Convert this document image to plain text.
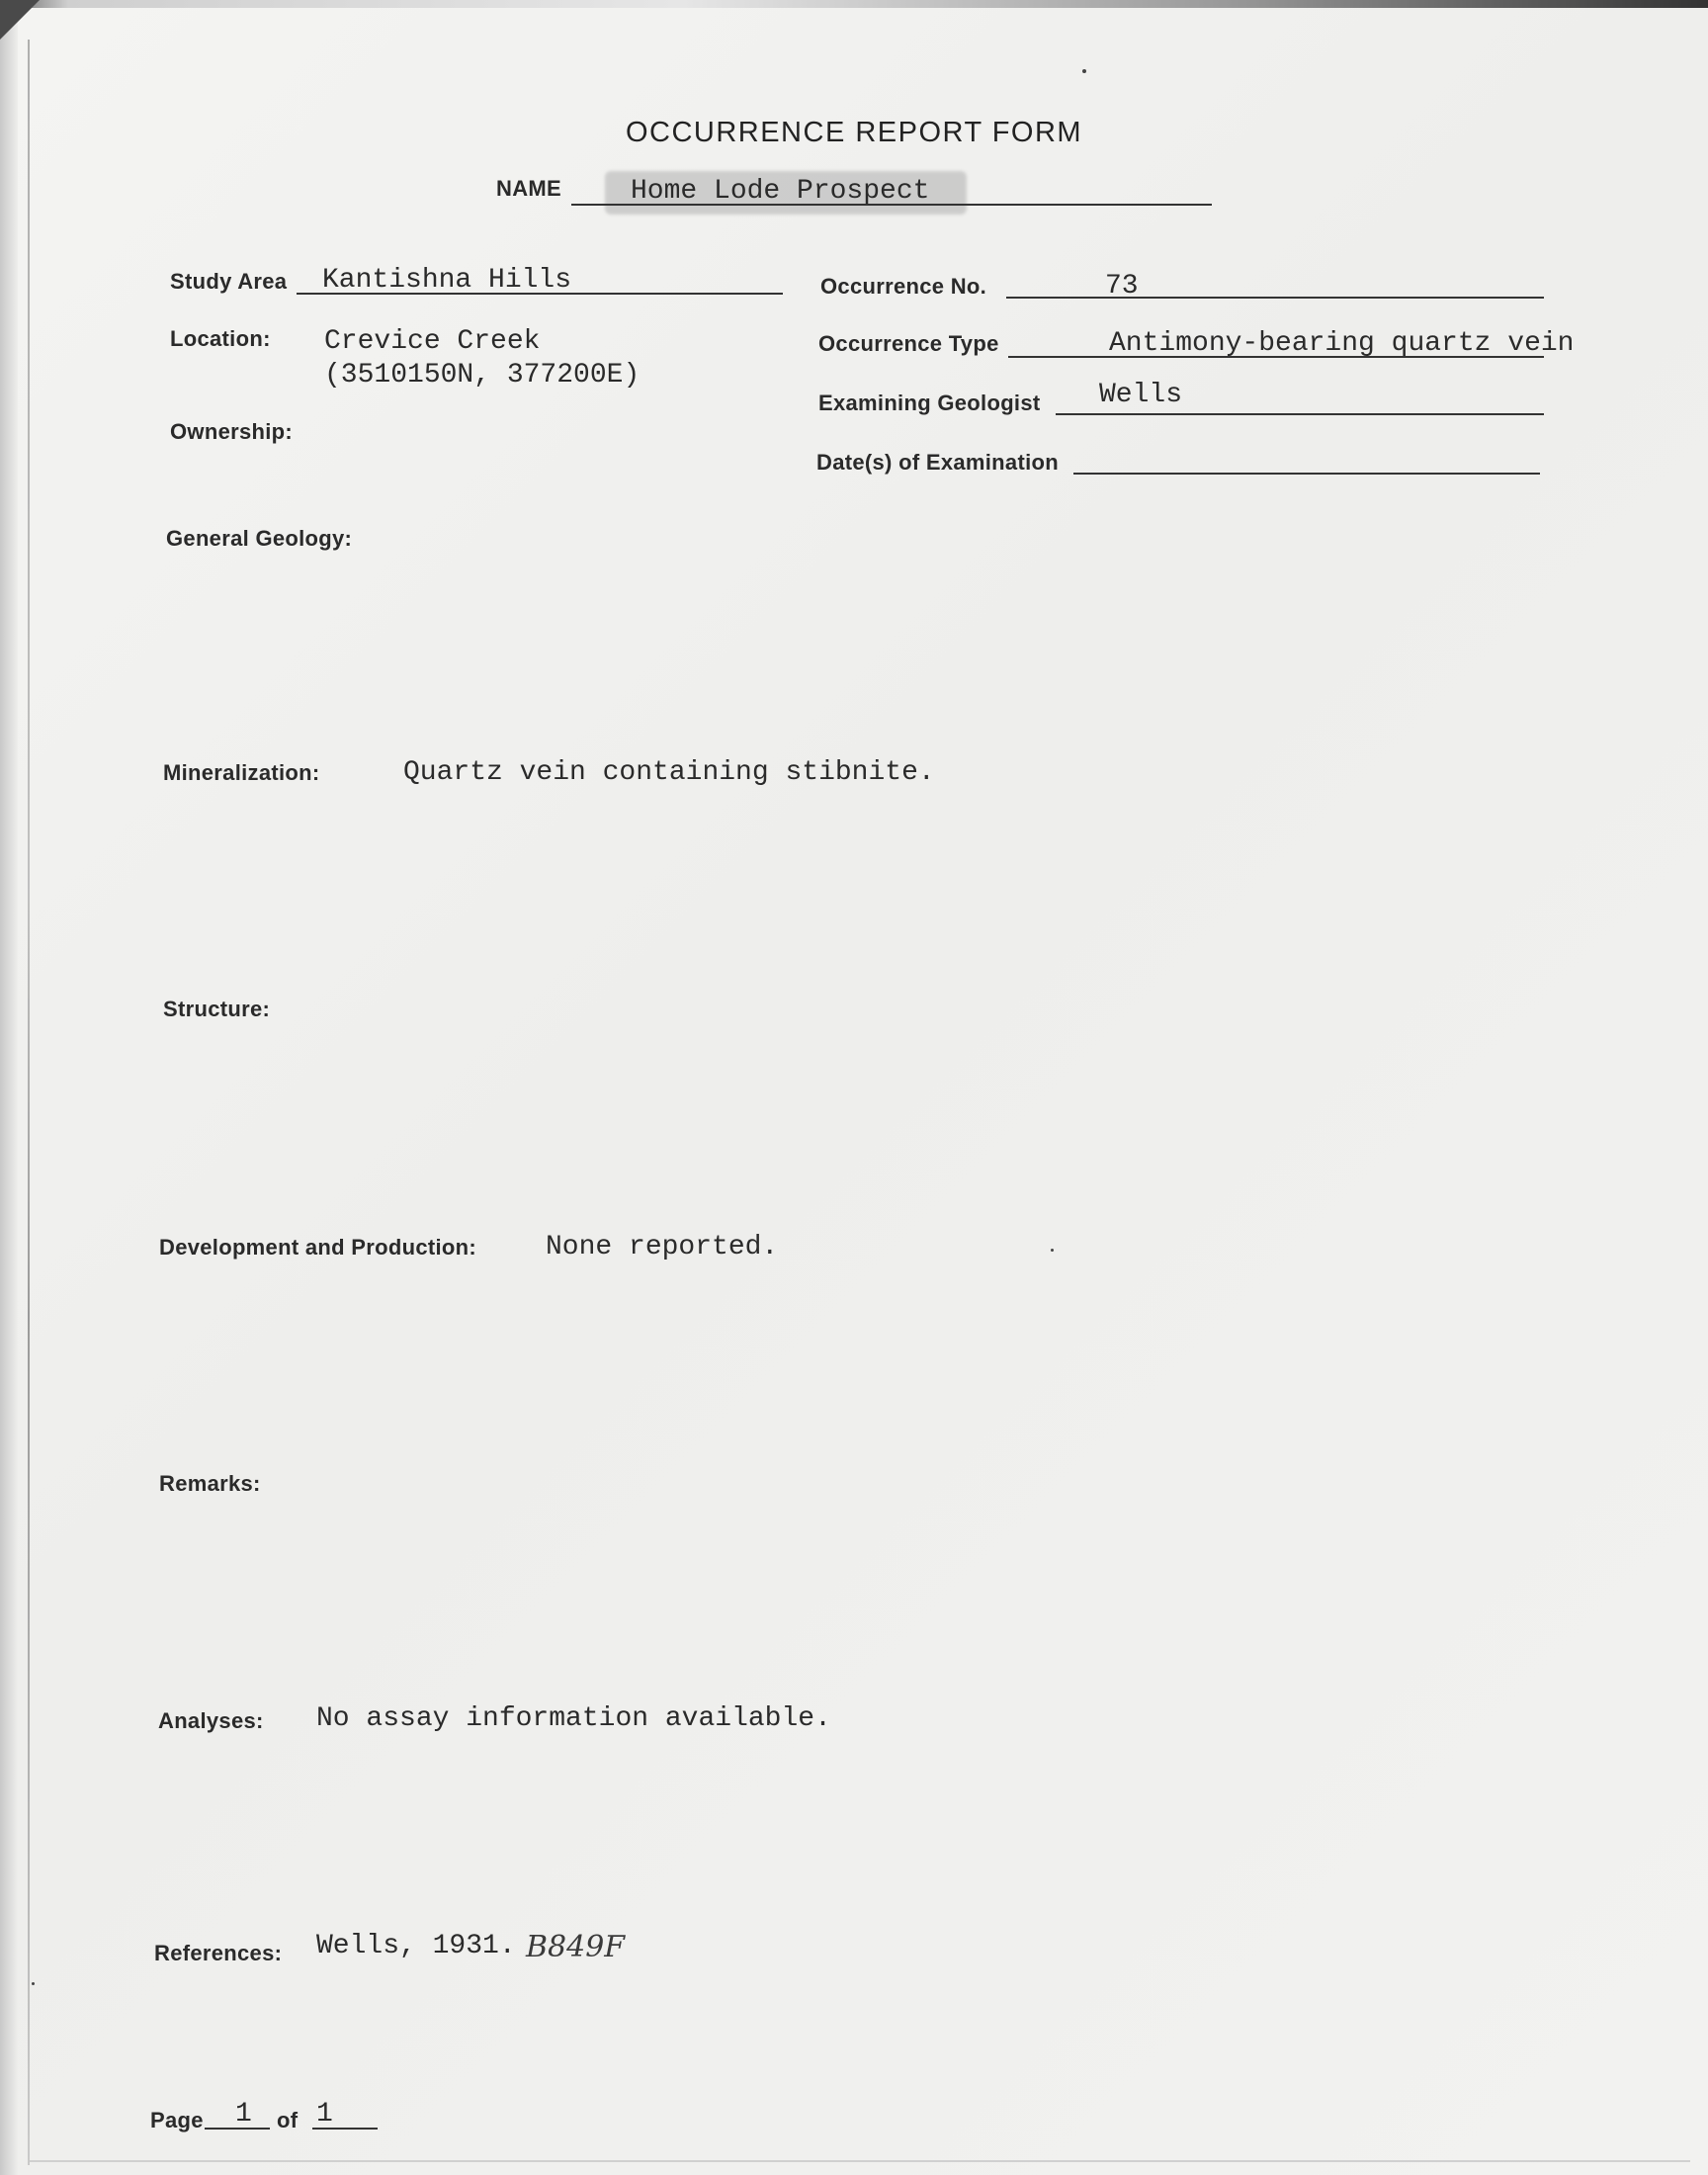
OCCURRENCE REPORT FORM
NAME	Home Lode Prospect
Study Area Kantishna Hills	Occurrence No.	73
Location: Crevice Creek
(3510150N, 377200E)
Occurrence Type	Antimony-bearing quartz vein
Examining Geologist Wells
Ownership:
Date(s) of Examination
General Geology:
Mineralization:	Quartz vein containing stibnite.
Structure:
Development and Production: None reported.
Remarks:
Analyses: No assay information available.
References: Wells, 1931. B849F
Page 1 of 1
